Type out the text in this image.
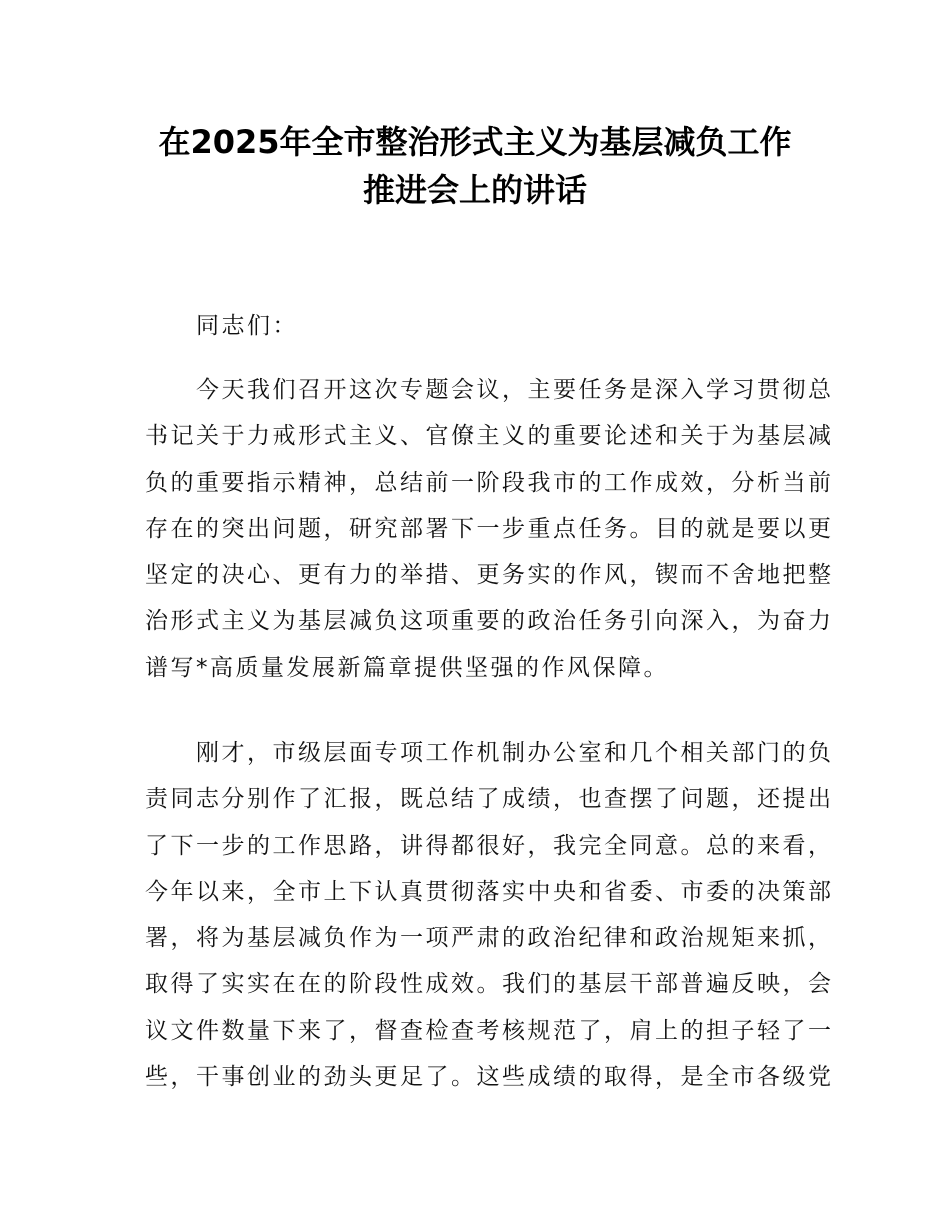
在2025年全市整治形式主义为基层减负工作
推进会上的讲话
同志们：
今天我们召开这次专题会议，主要任务是深入学习贯彻总
书记关于力戒形式主义、官僚主义的重要论述和关于为基层减
负的重要指示精神，总结前一阶段我市的工作成效，分析当前
存在的突出问题，研究部署下一步重点任务。目的就是要以更
坚定的决心、更有力的举措、更务实的作风，锲而不舍地把整
治形式主义为基层减负这项重要的政治任务引向深入，为奋力
谱写*高质量发展新篇章提供坚强的作风保障。
刚才，市级层面专项工作机制办公室和几个相关部门的负
责同志分别作了汇报，既总结了成绩，也查摆了问题，还提出
了下一步的工作思路，讲得都很好，我完全同意。总的来看，
今年以来，全市上下认真贯彻落实中央和省委、市委的决策部
署，将为基层减负作为一项严肃的政治纪律和政治规矩来抓，
取得了实实在在的阶段性成效。我们的基层干部普遍反映，会
议文件数量下来了，督查检查考核规范了，肩上的担子轻了一
些，干事创业的劲头更足了。这些成绩的取得，是全市各级党
